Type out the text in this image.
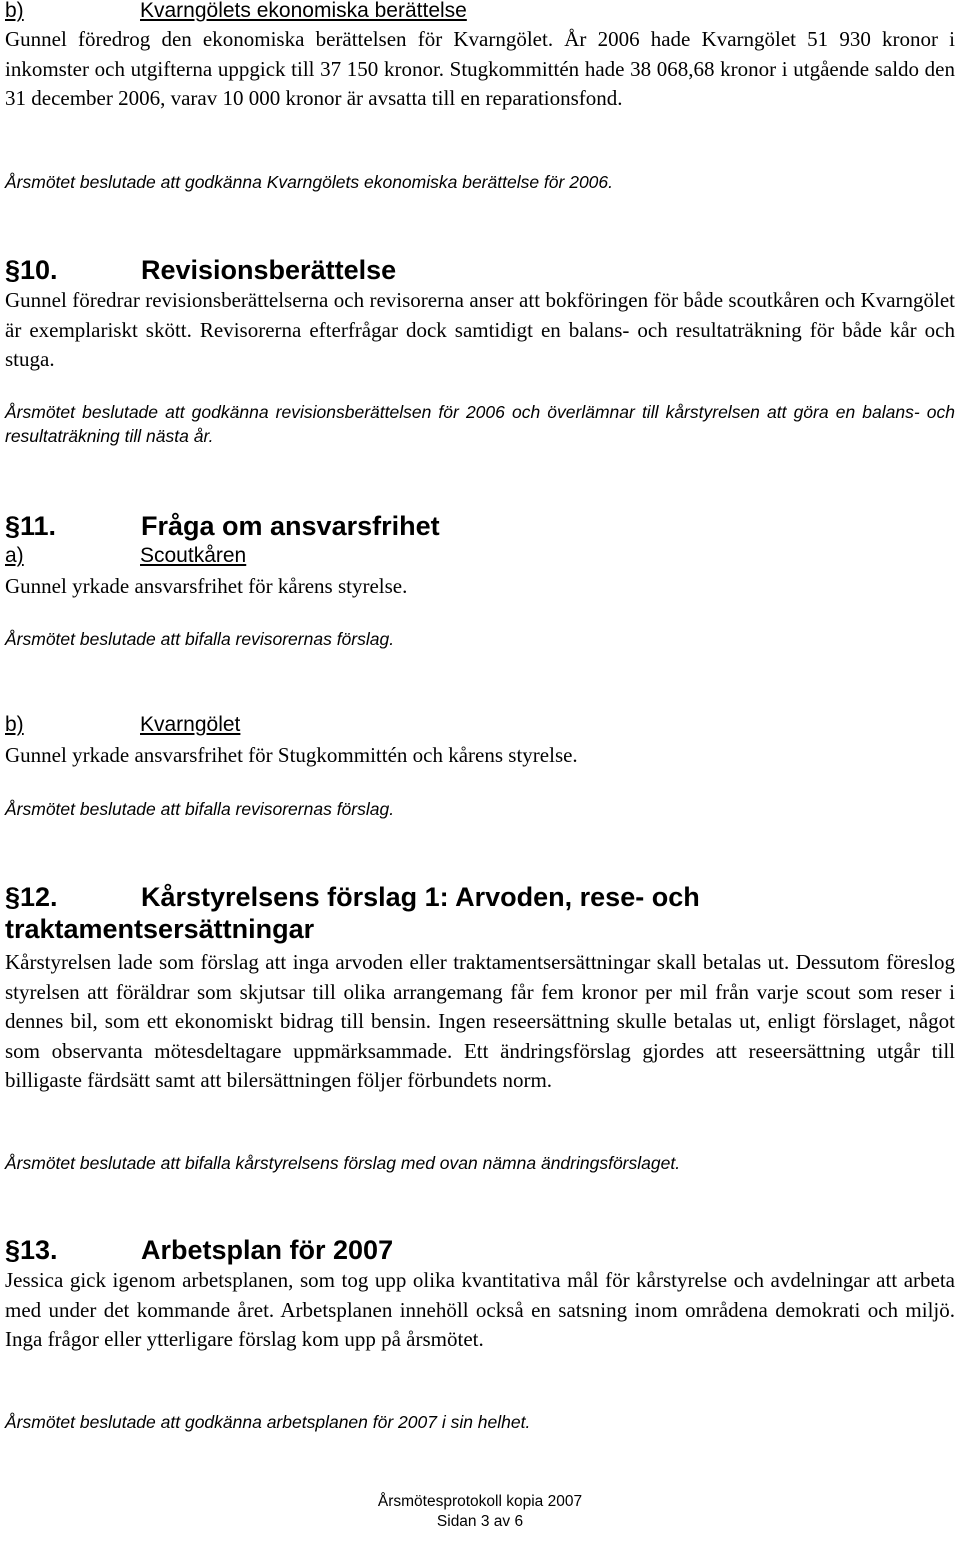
b)	Kvarngölets ekonomiska berättelse
Gunnel föredrog den ekonomiska berättelsen för Kvarngölet. År 2006 hade Kvarngölet 51 930 kronor i inkomster och utgifterna uppgick till 37 150 kronor. Stugkommittén hade 38 068,68 kronor i utgående saldo den 31 december 2006, varav 10 000 kronor är avsatta till en reparationsfond.
Årsmötet beslutade att godkänna Kvarngölets ekonomiska berättelse för 2006.
§10.	Revisionsberättelse
Gunnel föredrar revisionsberättelserna och revisorerna anser att bokföringen för både scoutkåren och Kvarngölet är exemplariskt skött. Revisorerna efterfrågar dock samtidigt en balans- och resultaträkning för både kår och stuga.
Årsmötet beslutade att godkänna revisionsberättelsen för 2006 och överlämnar till kårstyrelsen att göra en balans- och resultaträkning till nästa år.
§11.	Fråga om ansvarsfrihet
a)	Scoutkåren
Gunnel yrkade ansvarsfrihet för kårens styrelse.
Årsmötet beslutade att bifalla revisorernas förslag.
b)	Kvarngölet
Gunnel yrkade ansvarsfrihet för Stugkommittén och kårens styrelse.
Årsmötet beslutade att bifalla revisorernas förslag.
§12.	Kårstyrelsens förslag 1: Arvoden, rese- och traktamentsersättningar
Kårstyrelsen lade som förslag att inga arvoden eller traktamentsersättningar skall betalas ut. Dessutom föreslog styrelsen att föräldrar som skjutsar till olika arrangemang får fem kronor per mil från varje scout som reser i dennes bil, som ett ekonomiskt bidrag till bensin. Ingen reseersättning skulle betalas ut, enligt förslaget, något som observanta mötesdeltagare uppmärksammade. Ett ändringsförslag gjordes att reseersättning utgår till billigaste färdsätt samt att bilersättningen följer förbundets norm.
Årsmötet beslutade att bifalla kårstyrelsens förslag med ovan nämna ändringsförslaget.
§13.	Arbetsplan för 2007
Jessica gick igenom arbetsplanen, som tog upp olika kvantitativa mål för kårstyrelse och avdelningar att arbeta med under det kommande året. Arbetsplanen innehöll också en satsning inom områdena demokrati och miljö. Inga frågor eller ytterligare förslag kom upp på årsmötet.
Årsmötet beslutade att godkänna arbetsplanen för 2007 i sin helhet.
Årsmötesprotokoll kopia 2007
Sidan 3 av 6
